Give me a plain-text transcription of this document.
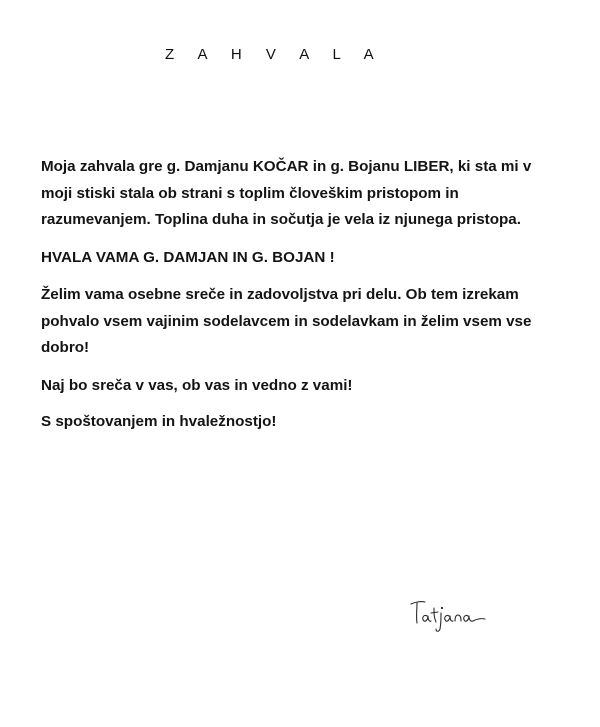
Z A H V A L A

Moja zahvala gre g. Damjanu KOČAR in g. Bojanu LIBER, ki sta mi v moji stiski stala ob strani s toplim človeškim pristopom in razumevanjem. Toplina duha in sočutja je vela iz njunega pristopa.

HVALA VAMA G. DAMJAN IN G. BOJAN !

Želim vama osebne sreče in zadovoljstva pri delu. Ob tem izrekam pohvalo vsem vajinim sodelavcem in sodelavkam in želim vsem vse dobro!

Naj bo sreča v vas, ob vas in vedno z vami!

S spoštovanjem in hvaležnostjo!
